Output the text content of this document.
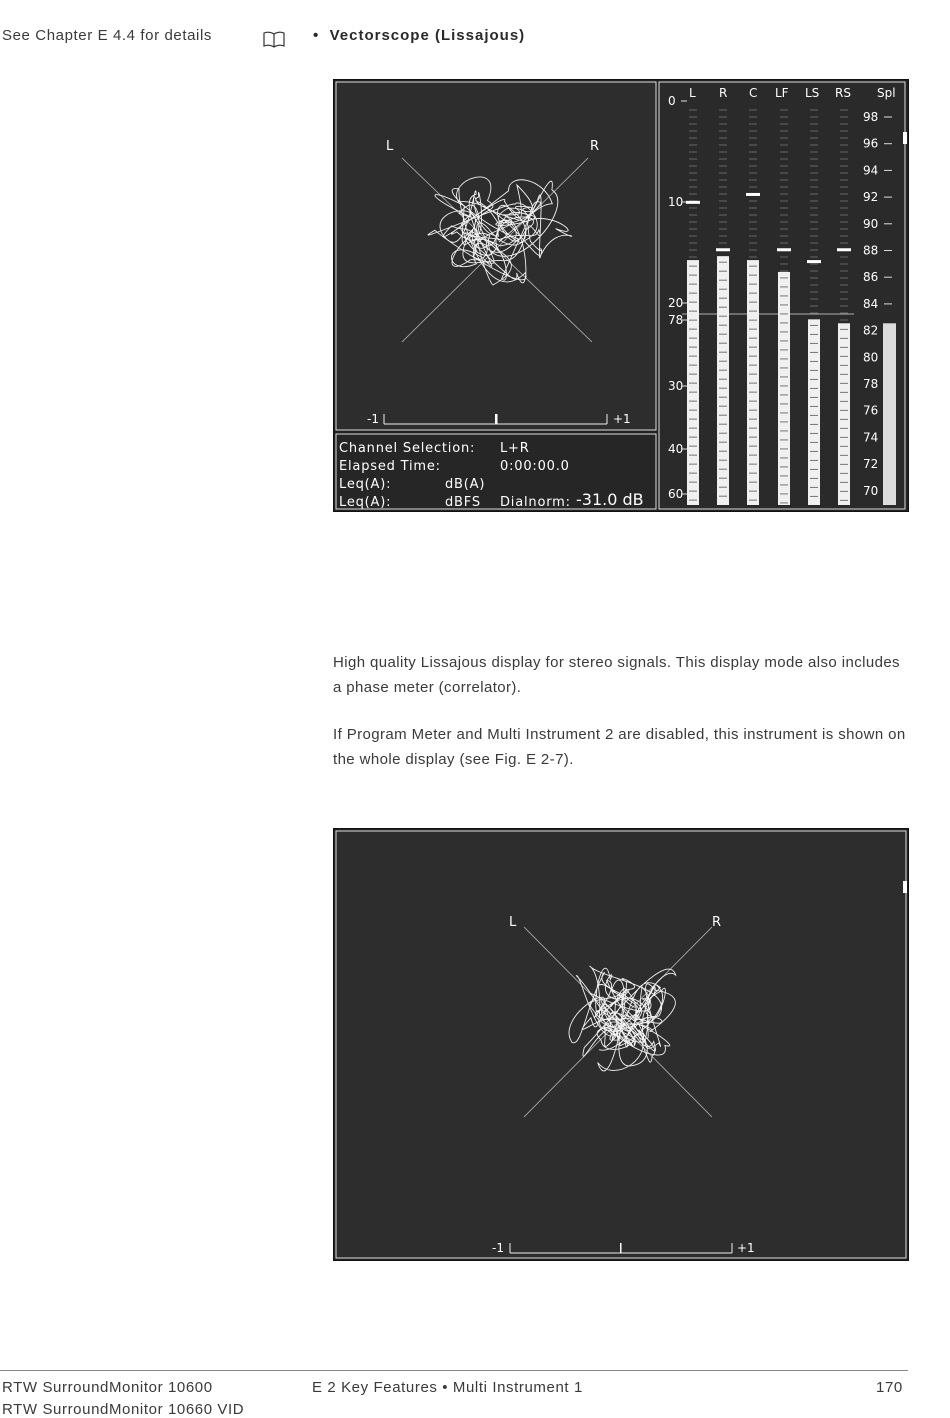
See Chapter E 4.4 for details	•  Vectorscope (Lissajous)
L	R
-1	+1
Channel Selection: L+R
Elapsed Time:	0:00:00.0
Leq(A):	dB(A)
Leq(A):	dBFS Dialnorm: -31.0 dB
0
10
20
78
30
40
60
L R C LF LS RS Spl
98
96
94
92
90
88
86
84
82
80
78
76
74
72
70
High quality Lissajous display for stereo signals. This display mode also includes a phase meter (correlator).
If Program Meter and Multi Instrument 2 are disabled, this instrument is shown on the whole display (see Fig. E 2-7).
L	R
-1	+1
RTW SurroundMonitor 10600
RTW SurroundMonitor 10660 VID
E 2 Key Features • Multi Instrument 1	170
